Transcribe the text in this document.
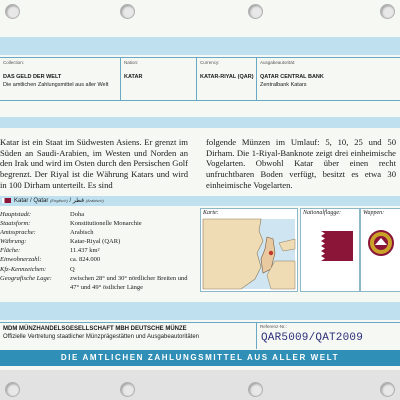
Collection:
DAS GELD DER WELT
Die amtlichen Zahlungsmittel aus aller Welt
Nation:
KATAR
Currency:
KATAR-RIYAL (QAR)
Ausgabeautorität:
QATAR CENTRAL BANK
Zentralbank Katars
Katar ist ein Staat im Südwesten Asiens. Er grenzt im Süden an Saudi-Arabien, im Westen und Norden an den Irak und wird im Osten durch den Persischen Golf begrenzt. Der Riyal ist die Währung Katars und wird in 100 Dirham unterteilt. Es sind
folgende Münzen im Umlauf: 5, 10, 25 und 50 Dirham. Die 1-Riyal-Banknote zeigt drei einheimische Vogelarten. Obwohl Katar über einen recht unfruchtbaren Boden verfügt, besitzt es etwa 30 einheimische Vogelarten.
Katar / Qatar (Englisch) / قطر (Arabisch)
Hauptstadt:	Doha
Staatsform:	Konstitutionelle Monarchie
Amtssprache:	Arabisch
Währung:	Katar-Riyal (QAR)
Fläche:	11.437 km²
Einwohnerzahl:	ca. 824.000
Kfz-Kennzeichen:	Q
Geografische Lage:	zwischen 28° und 30° nördlicher Breiten und 47° und 49° östlicher Länge
Karte:	Nationalflagge:	Wappen:
MDM MÜNZHANDELSGESELLSCHAFT MBH DEUTSCHE MÜNZE
Offizielle Vertretung staatlicher Münzprägestätten und Ausgabeautoritäten
Referenz-Nr.:
QAR5009/QAT2009
DIE AMTLICHEN ZAHLUNGSMITTEL AUS ALLER WELT
